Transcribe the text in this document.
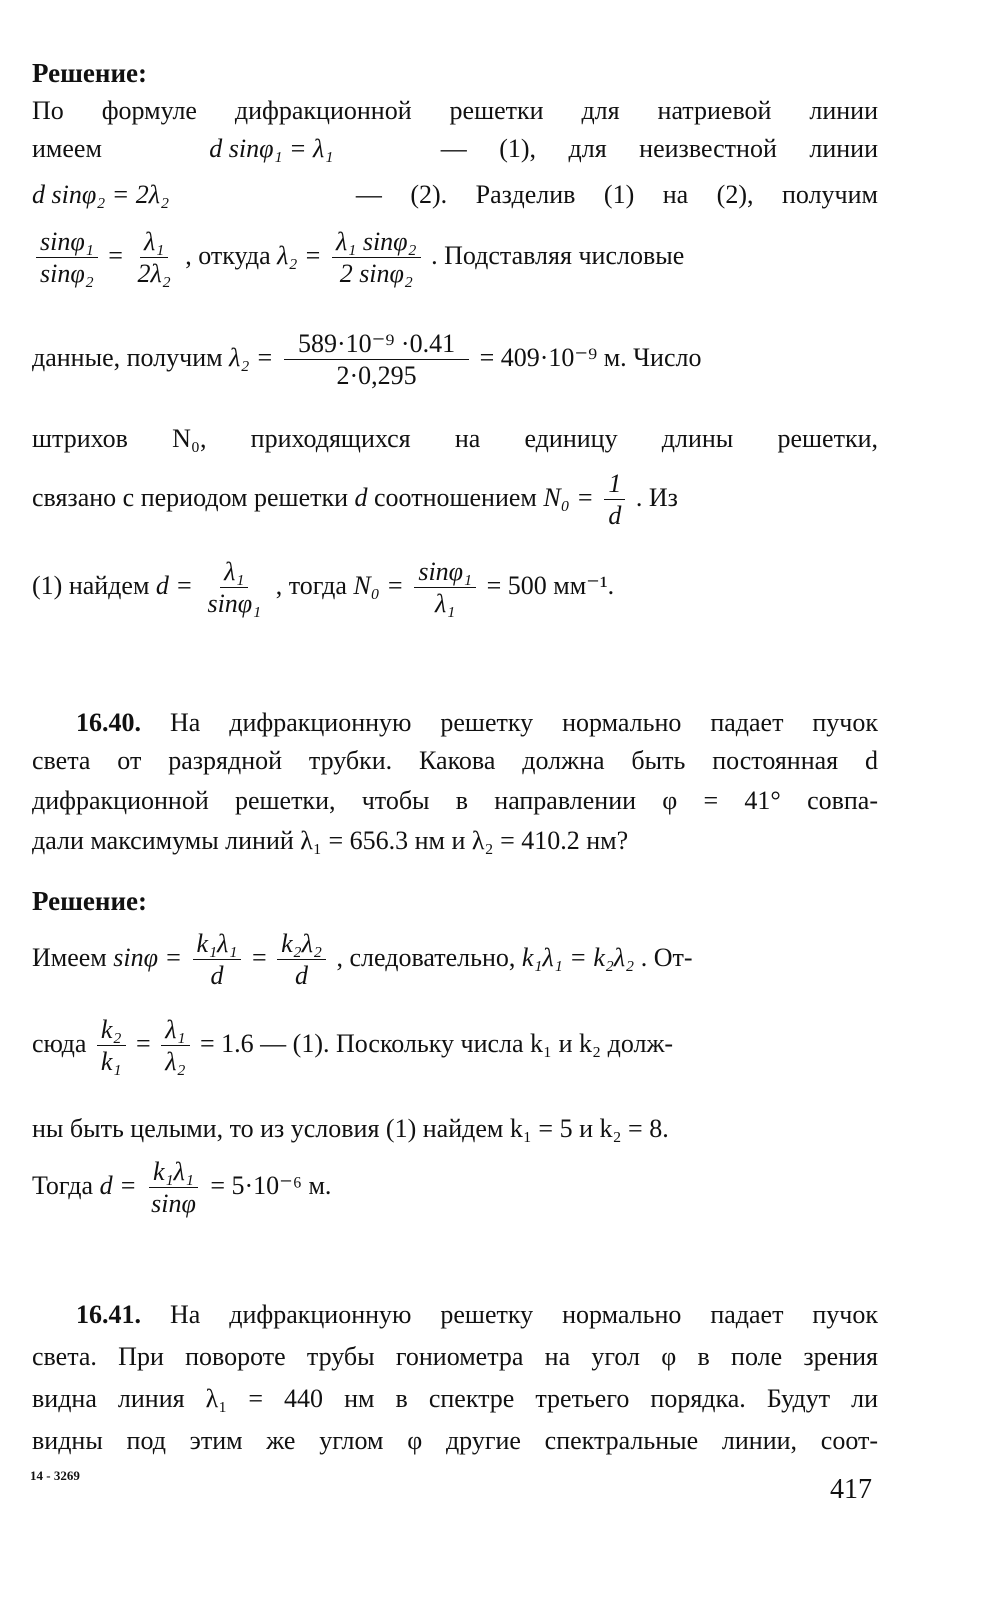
Решение:
По формуле дифракционной решетки для натриевой линии
имеем	d sinφ₁ = λ₁	— (1), для неизвестной линии
d sinφ₂ = 2λ₂	— (2). Разделив (1) на (2), получим
$\frac{\text{sinφ₁}}{\text{sinφ₂}} = \frac{\text{λ₁}}{\text{2λ₂}}$ , откуда $\lambda_2 = \frac{\text{λ₁ sinφ₂}}{\text{2 sinφ₂}}$ . Подставляя числовые
данные, получим $\lambda_2 = \frac{\text{589·10⁻⁹ ·0.41}}{2\cdot 0,295} = 409\cdot 10^{-9}$ м. Число
штрихов N₀, приходящихся на единицу длины решетки,
связано с периодом решетки d соотношением $N_0 = \frac{1}{d}$ . Из
(1) найдем $d = \frac{\text{λ₁}}{\text{sinφ₁}}$ , тогда $N_0 = \frac{\text{sinφ₁}}{\text{λ₁}} = 500$ мм⁻¹.
16.40. На дифракционную решетку нормально падает пучок
света от разрядной трубки. Какова должна быть постоянная d
дифракционной решетки, чтобы в направлении φ = 41° совпа-
дали максимумы линий λ₁ = 656.3 нм и λ₂ = 410.2 нм?
Решение:
Имеем $\sin\varphi = \frac{\text{k₁λ₁}}{d} = \frac{\text{k₂λ₂}}{d}$ , следовательно, k₁λ₁ = k₂λ₂ . От-
сюда $\frac{\text{k₂}}{\text{k₁}} = \frac{\text{λ₁}}{\text{λ₂}} = 1.6$ — (1). Поскольку числа k₁ и k₂ долж-
ны быть целыми, то из условия (1) найдем k₁ = 5 и k₂ = 8.
Тогда $d = \frac{\text{k₁λ₁}}{\sin\varphi} = 5\cdot 10^{-6}$ м.
16.41. На дифракционную решетку нормально падает пучок
света. При повороте трубы гониометра на угол φ в поле зрения
видна линия λ₁ = 440 нм в спектре третьего порядка. Будут ли
видны под этим же углом φ другие спектральные линии, соот-
14 - 3269	417
